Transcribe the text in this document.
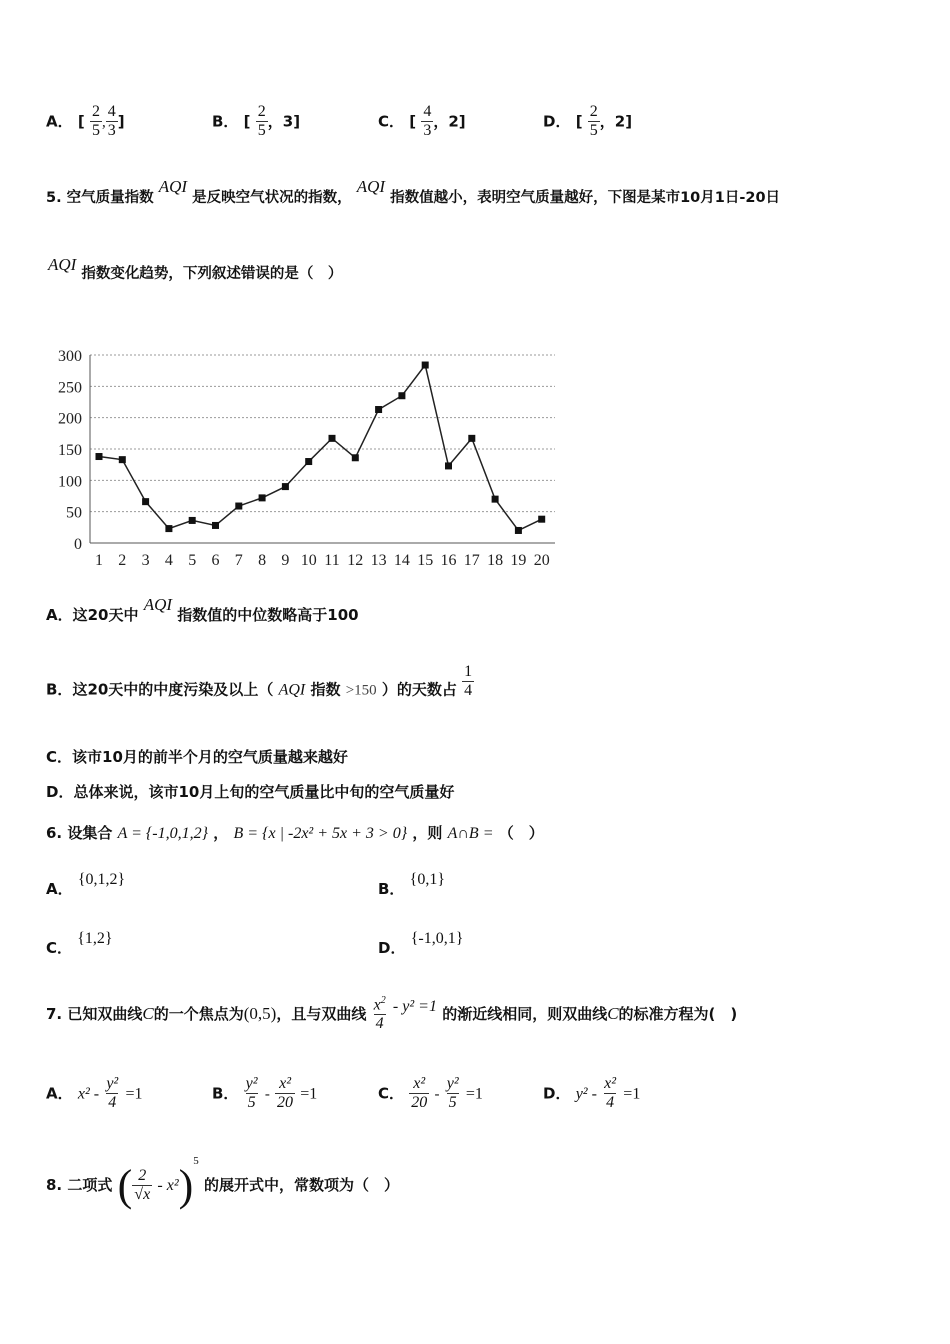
A． [ $\frac{2}{5}$ , $\frac{4}{3}$ ]	B． [ $\frac{2}{5}$ ，3]	C． [ $\frac{4}{3}$ ，2]	D． [ $\frac{2}{5}$ ，2]
5. 空气质量指数 AQI 是反映空气状况的指数， AQI 指数值越小，表明空气质量越好，下图是某市10月1日-20日
AQI 指数变化趋势，下列叙述错误的是（　）
0
50
100
150
200
250
300
1 2 3 4 5 6 7 8 9 10 11 12 13 14 15 16 17 18 19 20
A．这20天中 AQI 指数值的中位数略高于100
B．这20天中的中度污染及以上（ AQI 指数 >150 ）的天数占 $\frac{1}{4}$
C．该市10月的前半个月的空气质量越来越好
D．总体来说，该市10月上旬的空气质量比中旬的空气质量好
6. 设集合 A = {-1,0,1,2} ， B = {x | -2x² + 5x + 3 > 0} ，则 A∩B = （　）
A． {0,1,2}
B． {0,1}
C． {1,2}
D． {-1,0,1}
7. 已知双曲线C的一个焦点为(0,5)，且与双曲线 $\frac{x^2}{4} - y^2 =1$ 的渐近线相同，则双曲线C的标准方程为(　)
A． $x^2 - \frac{\text{y²}}{4} =1$	B． $\frac{\text{y²}}{5} - \frac{\text{x²}}{20} =1$	C． $\frac{\text{x²}}{20} - \frac{\text{y²}}{5} =1$	D． $y^2 - \frac{\text{x²}}{4} =1$
8. 二项式 ( $\frac{2}{√x} - x^2)^5$ 的展开式中，常数项为（　）
